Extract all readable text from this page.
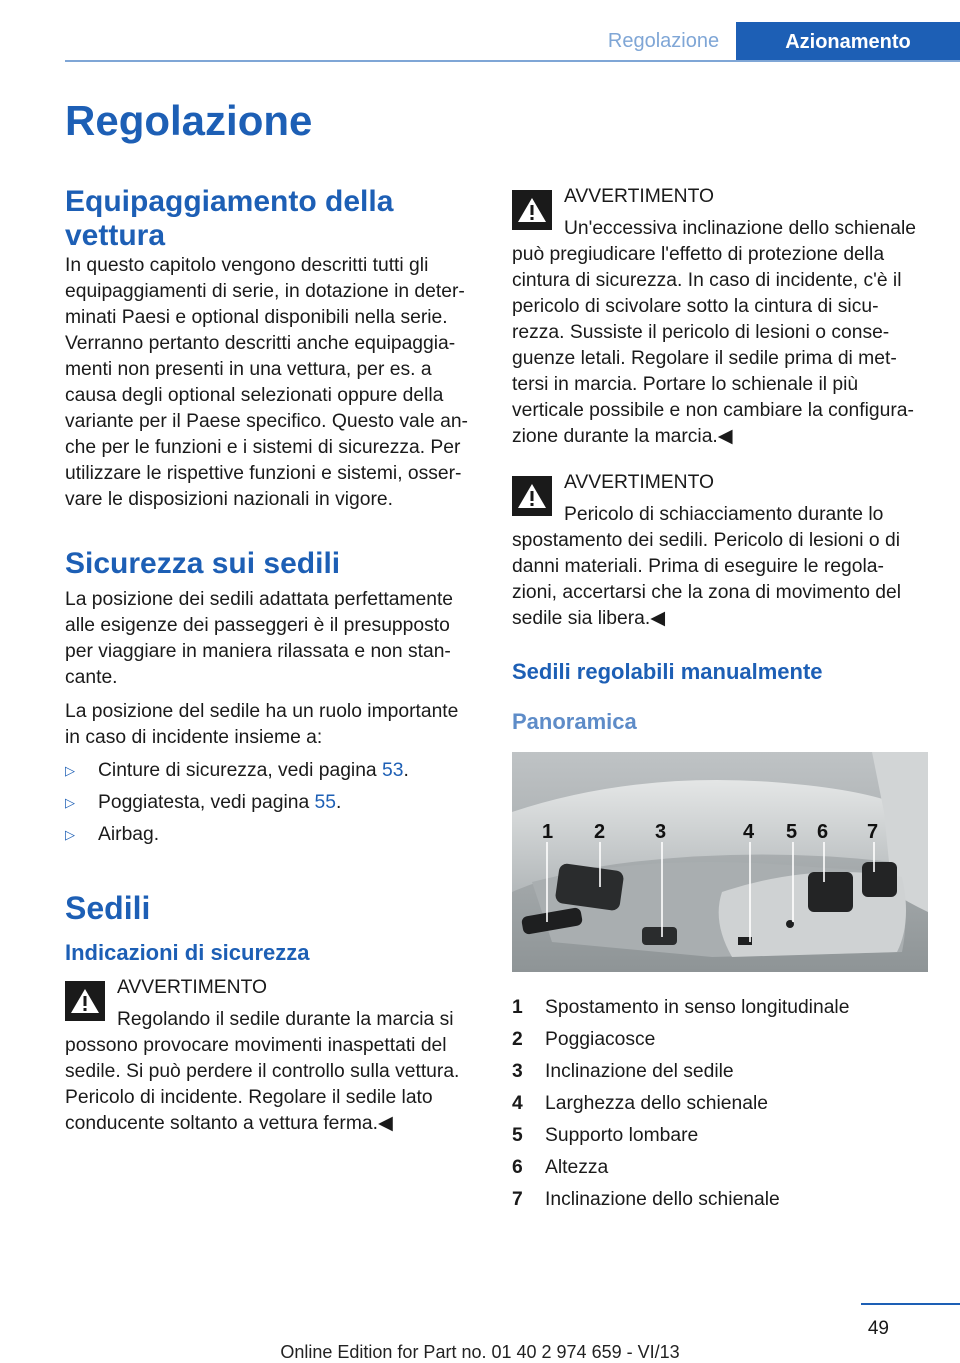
Regolazione	Azionamento
Regolazione
Equipaggiamento della vettura

In questo capitolo vengono descritti tutti gli equipaggiamenti di serie, in dotazione in deter- minati Paesi e optional disponibili nella serie. Verranno pertanto descritti anche equipaggia- menti non presenti in una vettura, per es. a causa degli optional selezionati oppure della variante per il Paese specifico. Questo vale an- che per le funzioni e i sistemi di sicurezza. Per utilizzare le rispettive funzioni e sistemi, osser- vare le disposizioni nazionali in vigore.

Sicurezza sui sedili

La posizione dei sedili adattata perfettamente alle esigenze dei passeggeri è il presupposto per viaggiare in maniera rilassata e non stan- cante.

La posizione del sedile ha un ruolo importante in caso di incidente insieme a:

▷	Cinture di sicurezza, vedi pagina 53.
▷	Poggiatesta, vedi pagina 55.
▷	Airbag.
Sedili
Indicazioni di sicurezza
AVVERTIMENTO
Regolando il sedile durante la marcia si
possono provocare movimenti inaspettati del sedile. Si può perdere il controllo sulla vettura. Pericolo di incidente. Regolare il sedile lato conducente soltanto a vettura ferma.◀
AVVERTIMENTO
Un'eccessiva inclinazione dello schienale
può pregiudicare l'effetto di protezione della cintura di sicurezza. In caso di incidente, c'è il pericolo di scivolare sotto la cintura di sicu- rezza. Sussiste il pericolo di lesioni o conse- guenze letali. Regolare il sedile prima di met- tersi in marcia. Portare lo schienale il più verticale possibile e non cambiare la configura- zione durante la marcia.◀
AVVERTIMENTO
Pericolo di schiacciamento durante lo
spostamento dei sedili. Pericolo di lesioni o di danni materiali. Prima di eseguire le regola- zioni, accertarsi che la zona di movimento del sedile sia libera.◀
Sedili regolabili manualmente
Panoramica
1 2 3	4 5 6 7
1	Spostamento in senso longitudinale
2	Poggiacosce
3	Inclinazione del sedile
4	Larghezza dello schienale
5	Supporto lombare
6	Altezza
7	Inclinazione dello schienale
49
Online Edition for Part no. 01 40 2 974 659 - VI/13
